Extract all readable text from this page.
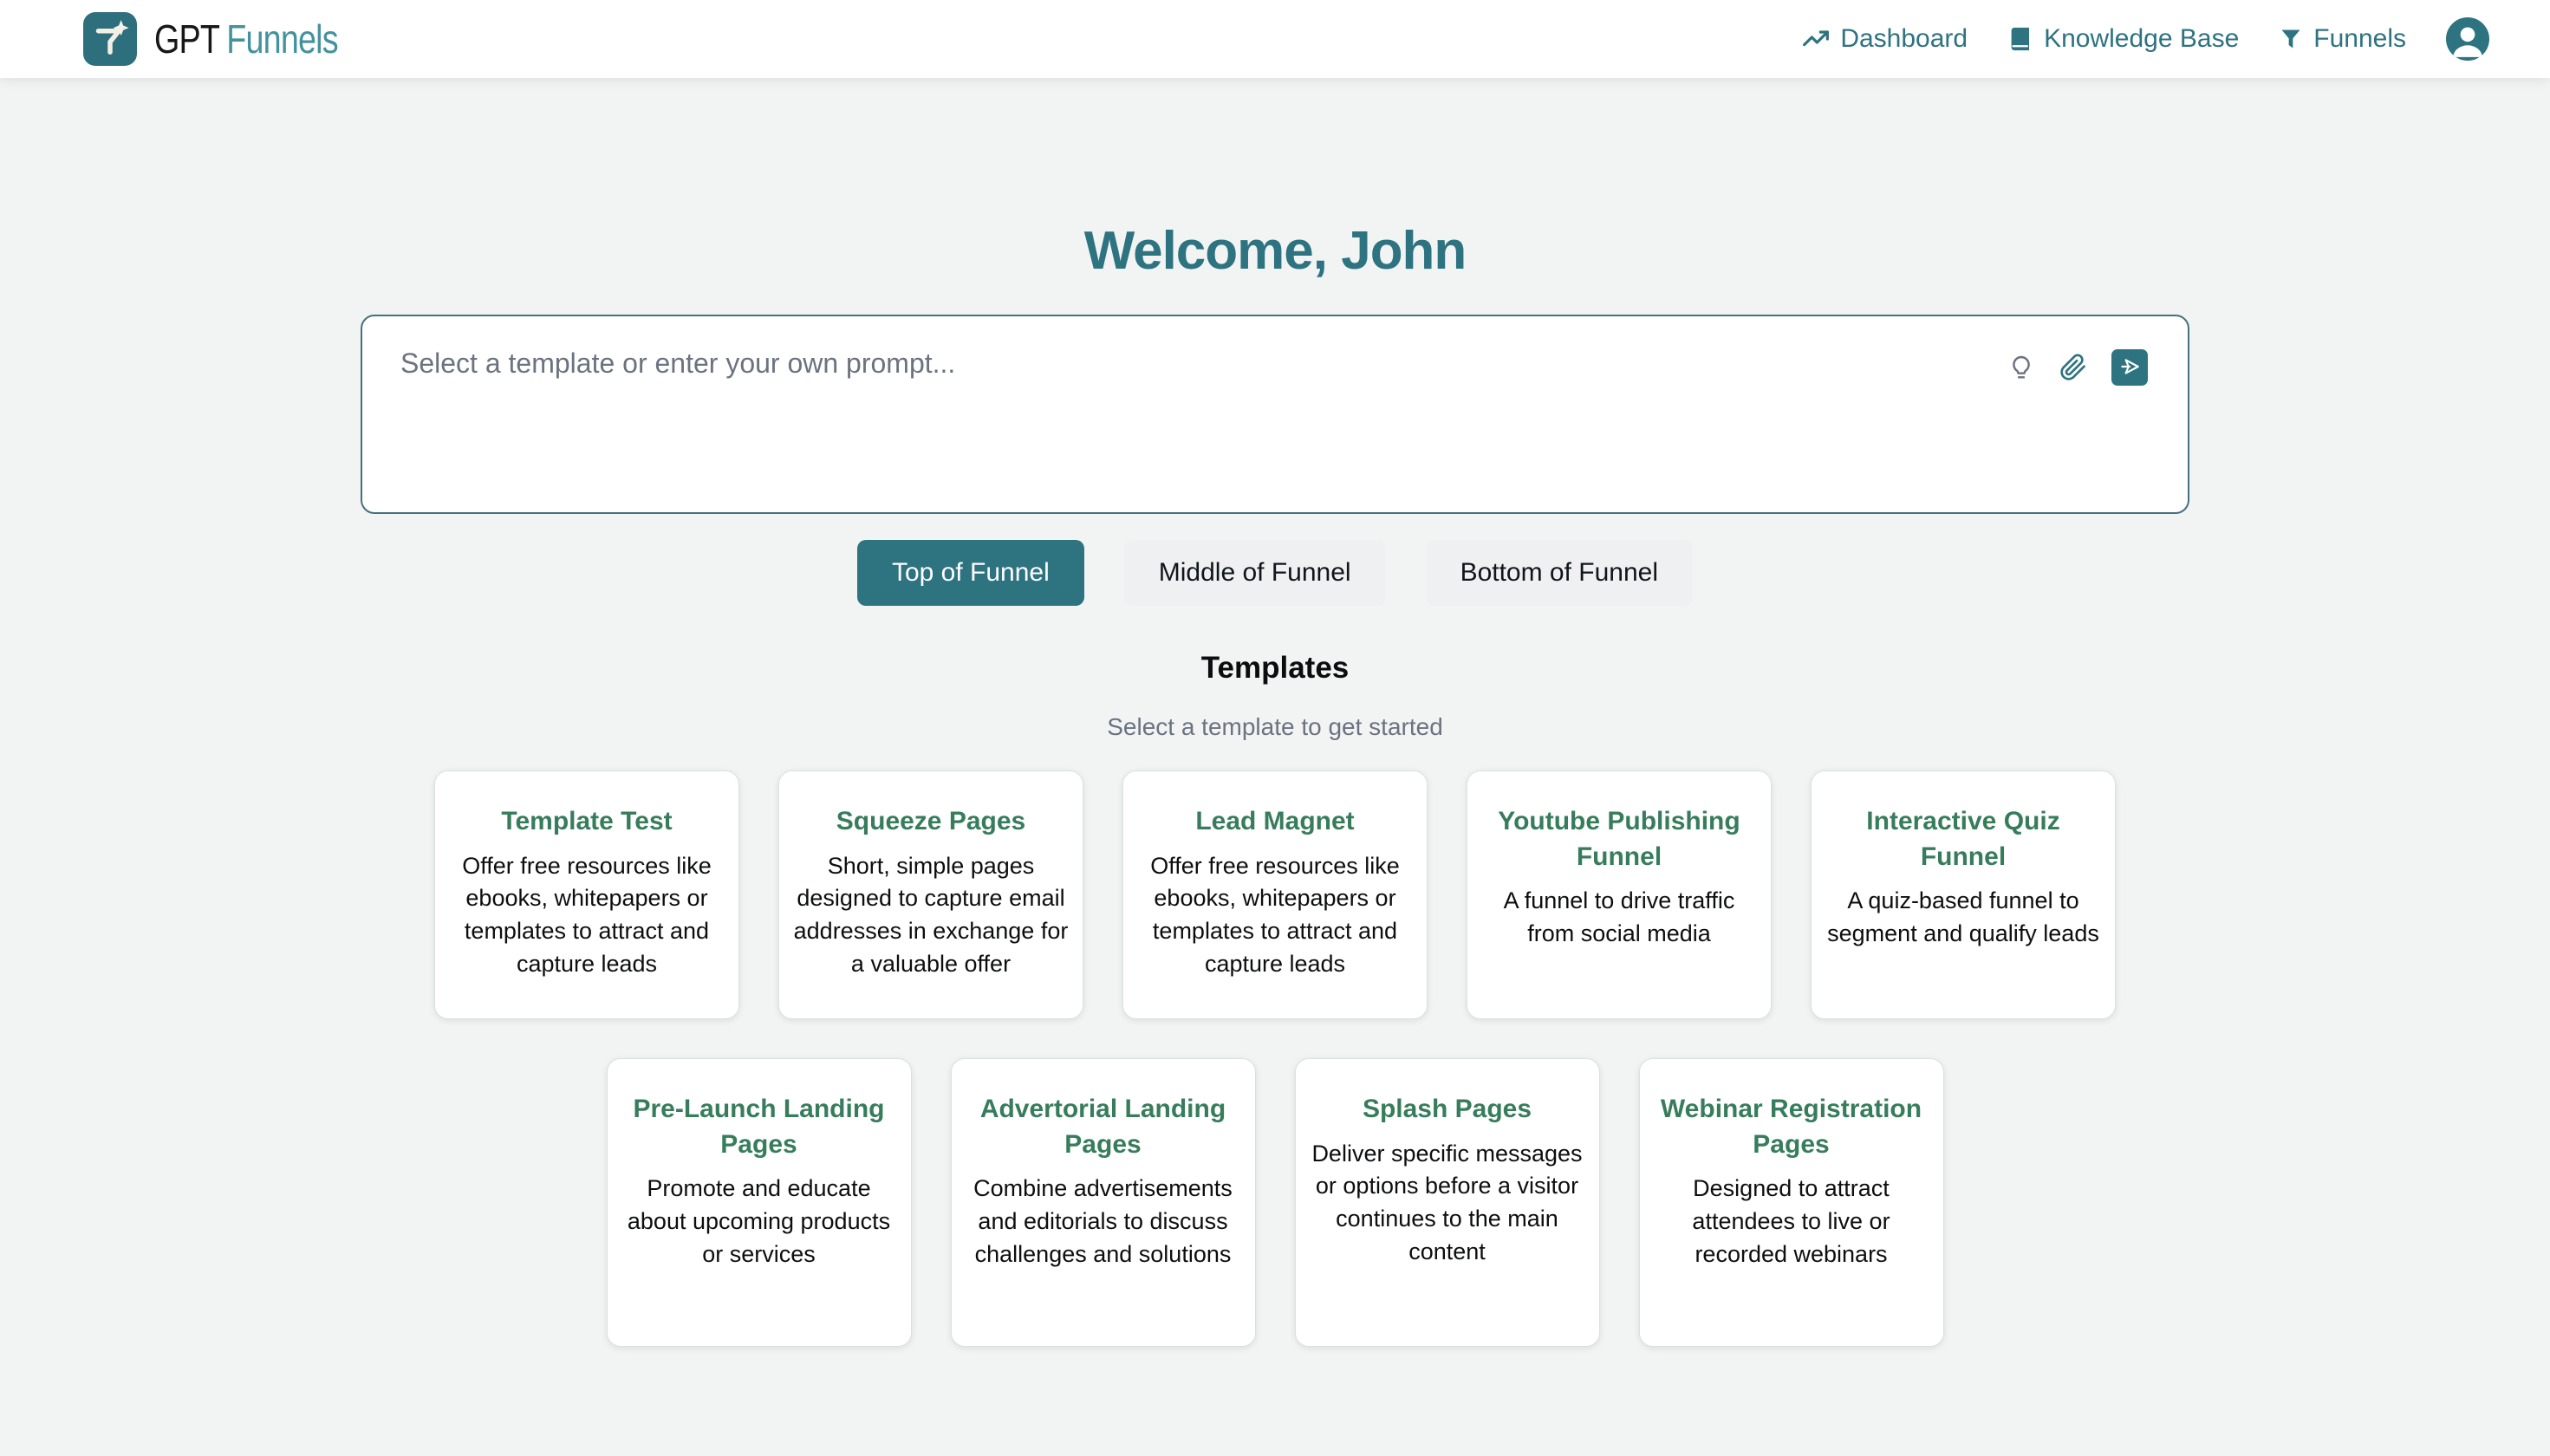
GPT Funnels	Dashboard	Knowledge Base	Funnels
Welcome, John
Select a template or enter your own prompt...
Top of Funnel	Middle of Funnel	Bottom of Funnel
Templates

Select a template to get started

Template Test

Offer free resources like ebooks, whitepapers or templates to attract and capture leads

Squeeze Pages

Short, simple pages designed to capture email addresses in exchange for a valuable offer

Lead Magnet

Offer free resources like ebooks, whitepapers or templates to attract and capture leads

Youtube Publishing Funnel

A funnel to drive traffic from social media

Interactive Quiz Funnel

A quiz-based funnel to segment and qualify leads

Pre-Launch Landing Pages

Promote and educate about upcoming products or services

Advertorial Landing Pages

Combine advertisements and editorials to discuss challenges and solutions

Splash Pages

Deliver specific messages or options before a visitor continues to the main content

Webinar Registration Pages

Designed to attract attendees to live or recorded webinars
